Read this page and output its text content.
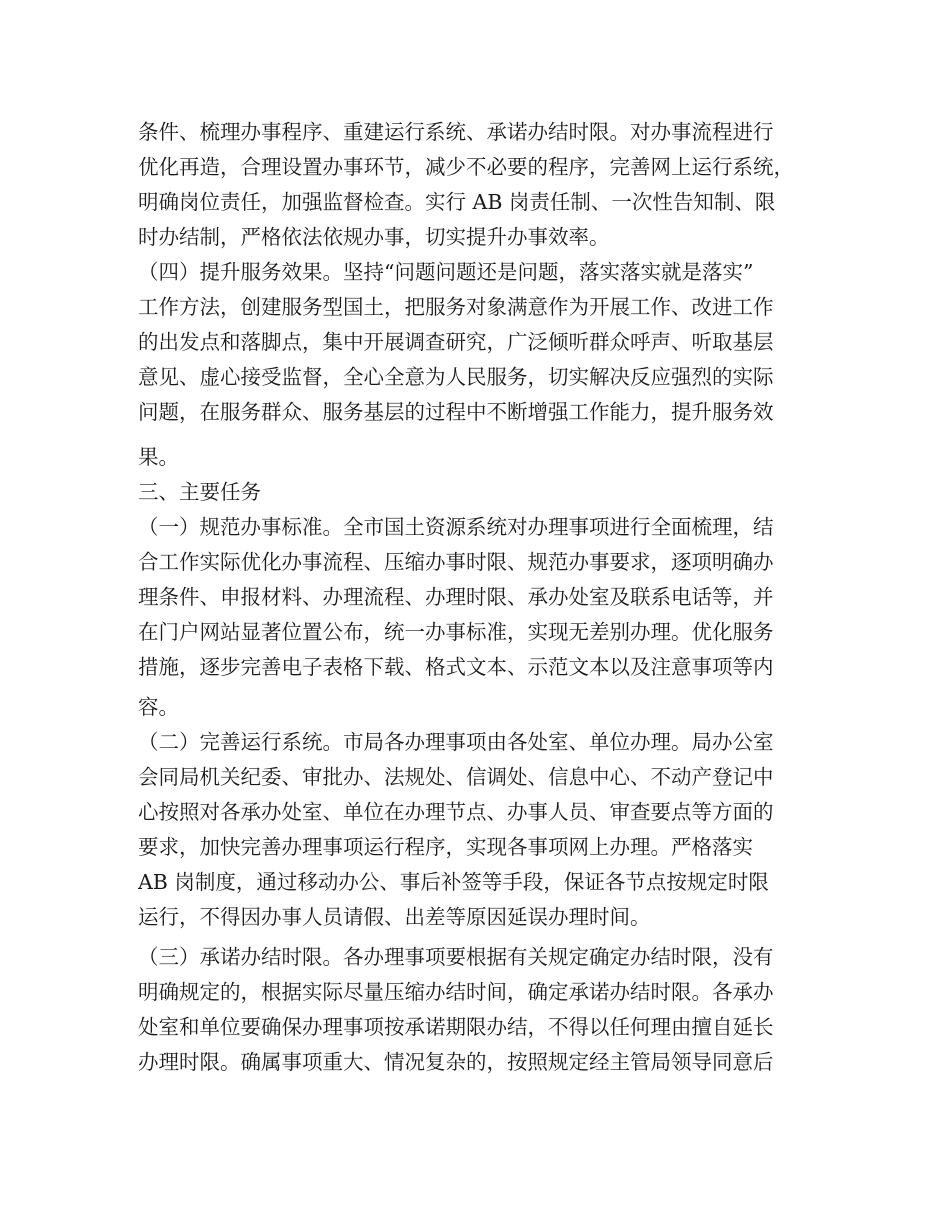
条件、梳理办事程序、重建运行系统、承诺办结时限。对办事流程进行
优化再造，合理设置办事环节，减少不必要的程序，完善网上运行系统，
明确岗位责任，加强监督检查。实行 AB 岗责任制、一次性告知制、限
时办结制，严格依法依规办事，切实提升办事效率。
（四）提升服务效果。坚持“问题问题还是问题，落实落实就是落实”
工作方法，创建服务型国土，把服务对象满意作为开展工作、改进工作
的出发点和落脚点，集中开展调查研究，广泛倾听群众呼声、听取基层
意见、虚心接受监督，全心全意为人民服务，切实解决反应强烈的实际
问题，在服务群众、服务基层的过程中不断增强工作能力，提升服务效
果。
三、主要任务
（一）规范办事标准。全市国土资源系统对办理事项进行全面梳理，结
合工作实际优化办事流程、压缩办事时限、规范办事要求，逐项明确办
理条件、申报材料、办理流程、办理时限、承办处室及联系电话等，并
在门户网站显著位置公布，统一办事标准，实现无差别办理。优化服务
措施，逐步完善电子表格下载、格式文本、示范文本以及注意事项等内
容。
（二）完善运行系统。市局各办理事项由各处室、单位办理。局办公室
会同局机关纪委、审批办、法规处、信调处、信息中心、不动产登记中
心按照对各承办处室、单位在办理节点、办事人员、审查要点等方面的
要求，加快完善办理事项运行程序，实现各事项网上办理。严格落实
AB 岗制度，通过移动办公、事后补签等手段，保证各节点按规定时限
运行，不得因办事人员请假、出差等原因延误办理时间。
（三）承诺办结时限。各办理事项要根据有关规定确定办结时限，没有
明确规定的，根据实际尽量压缩办结时间，确定承诺办结时限。各承办
处室和单位要确保办理事项按承诺期限办结，不得以任何理由擅自延长
办理时限。确属事项重大、情况复杂的，按照规定经主管局领导同意后
